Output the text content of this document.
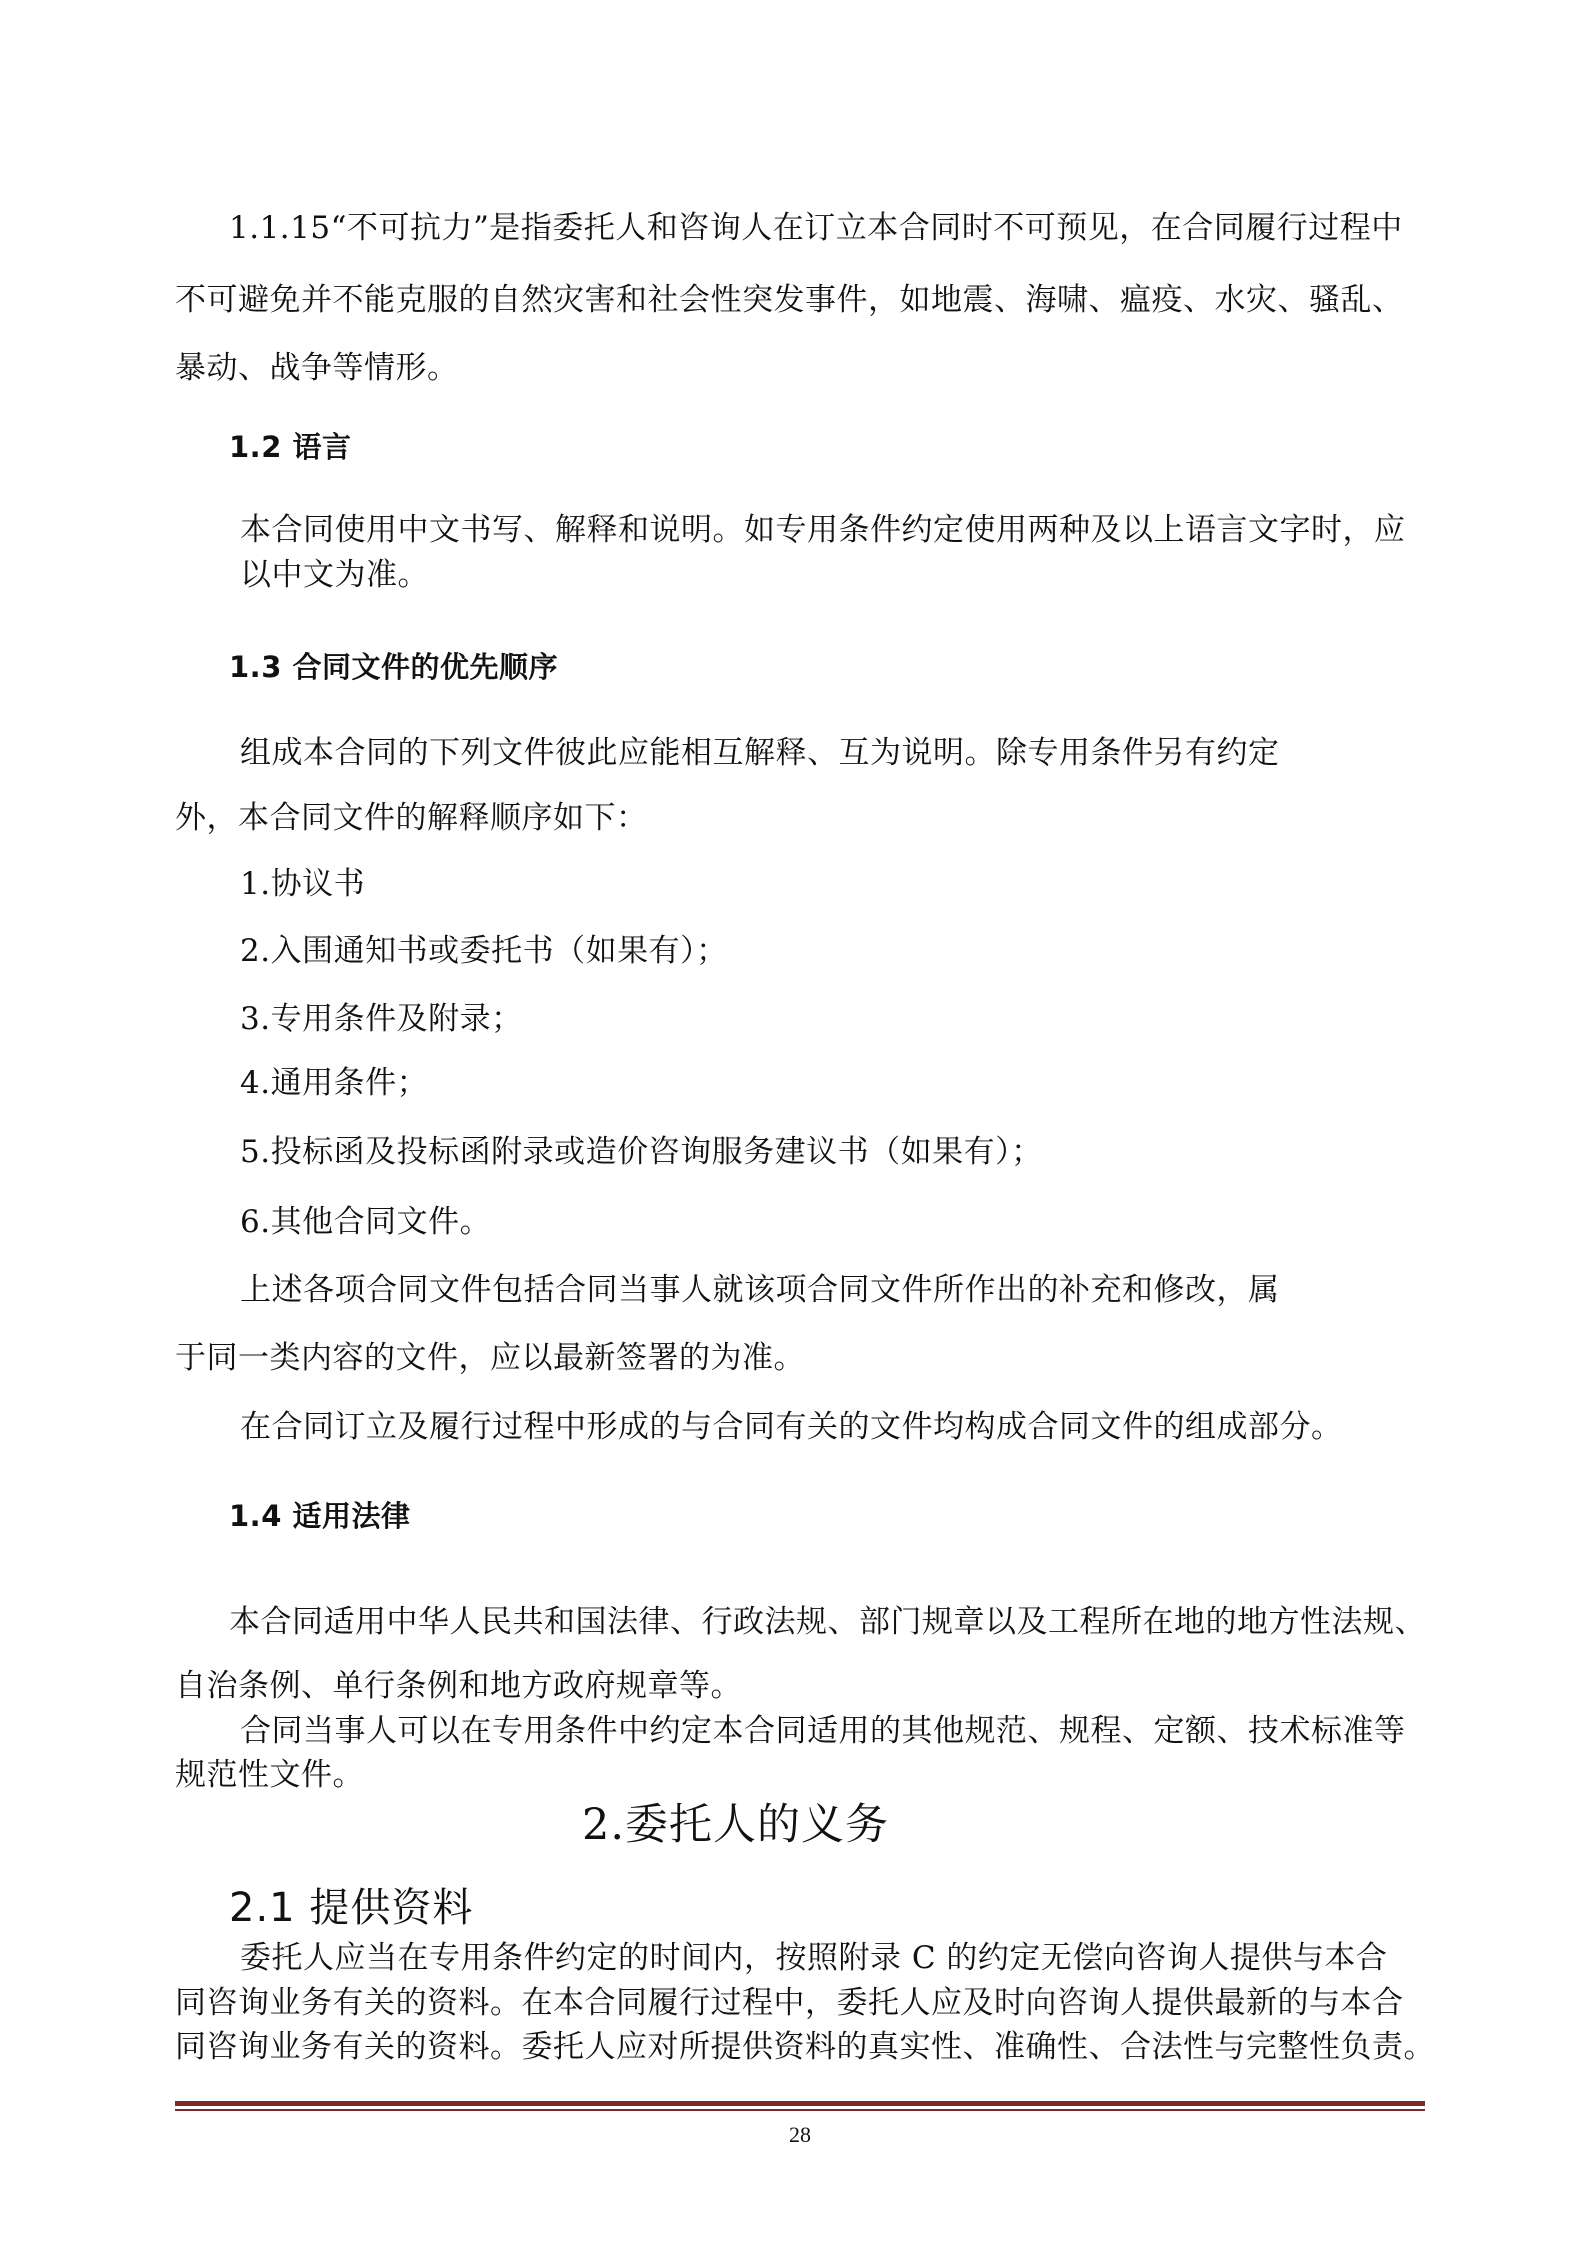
1.1.15“不可抗力”是指委托人和咨询人在订立本合同时不可预见，在合同履行过程中
不可避免并不能克服的自然灾害和社会性突发事件，如地震、海啸、瘟疫、水灾、骚乱、
暴动、战争等情形。
1.2 语言
本合同使用中文书写、解释和说明。如专用条件约定使用两种及以上语言文字时，应
以中文为准。
1.3 合同文件的优先顺序
组成本合同的下列文件彼此应能相互解释、互为说明。除专用条件另有约定
外，本合同文件的解释顺序如下：
1.协议书
2.入围通知书或委托书（如果有）；
3.专用条件及附录；
4.通用条件；
5.投标函及投标函附录或造价咨询服务建议书（如果有）；
6.其他合同文件。
上述各项合同文件包括合同当事人就该项合同文件所作出的补充和修改，属
于同一类内容的文件，应以最新签署的为准。
在合同订立及履行过程中形成的与合同有关的文件均构成合同文件的组成部分。
1.4 适用法律
本合同适用中华人民共和国法律、行政法规、部门规章以及工程所在地的地方性法规、
自治条例、单行条例和地方政府规章等。
合同当事人可以在专用条件中约定本合同适用的其他规范、规程、定额、技术标准等
规范性文件。
2.委托人的义务
2.1 提供资料
委托人应当在专用条件约定的时间内，按照附录 C 的约定无偿向咨询人提供与本合
同咨询业务有关的资料。在本合同履行过程中，委托人应及时向咨询人提供最新的与本合
同咨询业务有关的资料。委托人应对所提供资料的真实性、准确性、合法性与完整性负责。
28
